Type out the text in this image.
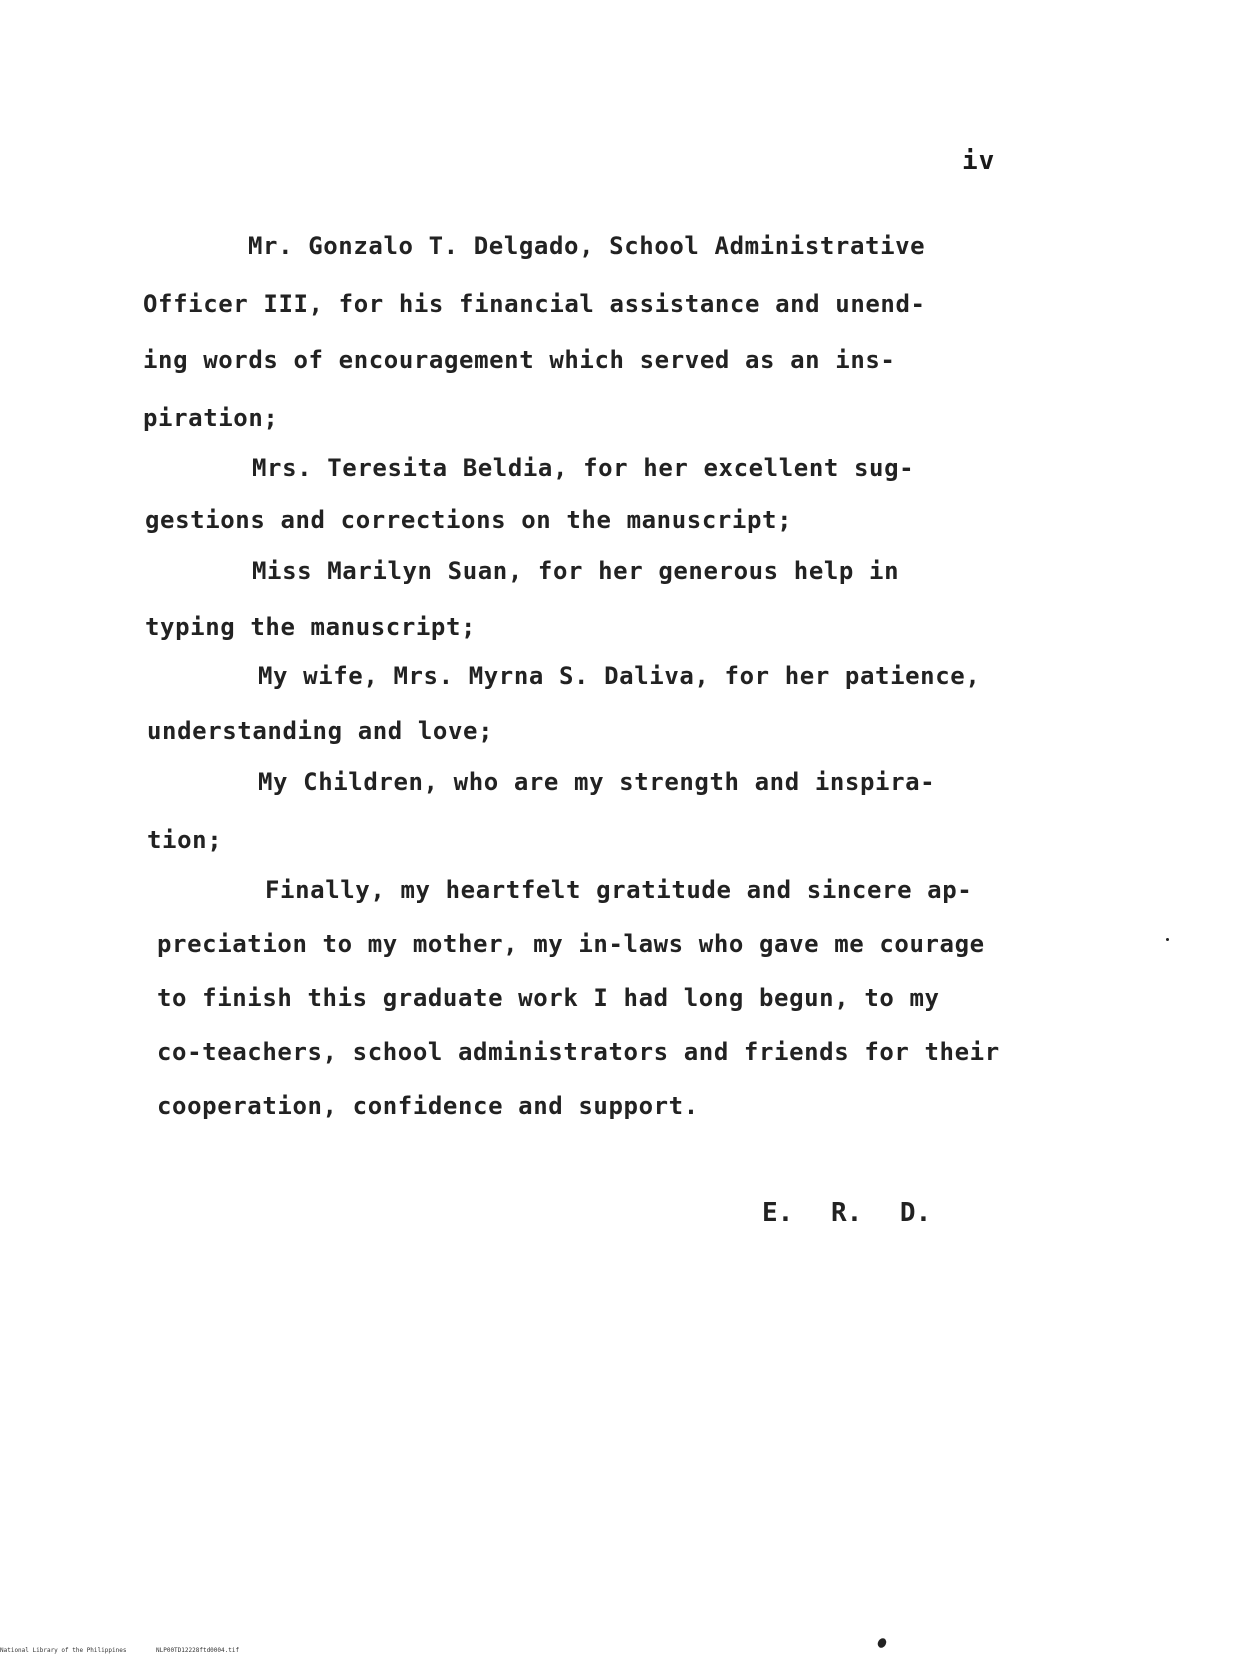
iv
Mr. Gonzalo T. Delgado, School Administrative
Officer III, for his financial assistance and unend-
ing words of encouragement which served as an ins-
piration;
Mrs. Teresita Beldia, for her excellent sug-
gestions and corrections on the manuscript;
Miss Marilyn Suan, for her generous help in
typing the manuscript;
My wife, Mrs. Myrna S. Daliva, for her patience,
understanding and love;
My Children, who are my strength and inspira-
tion;
Finally, my heartfelt gratitude and sincere ap-
preciation to my mother, my in-laws who gave me courage
to finish this graduate work I had long begun, to my
co-teachers, school administrators and friends for their
cooperation, confidence and support.
E. R. D.
National Library of the Philippines	NLP00TD12228ftd0004.tif
